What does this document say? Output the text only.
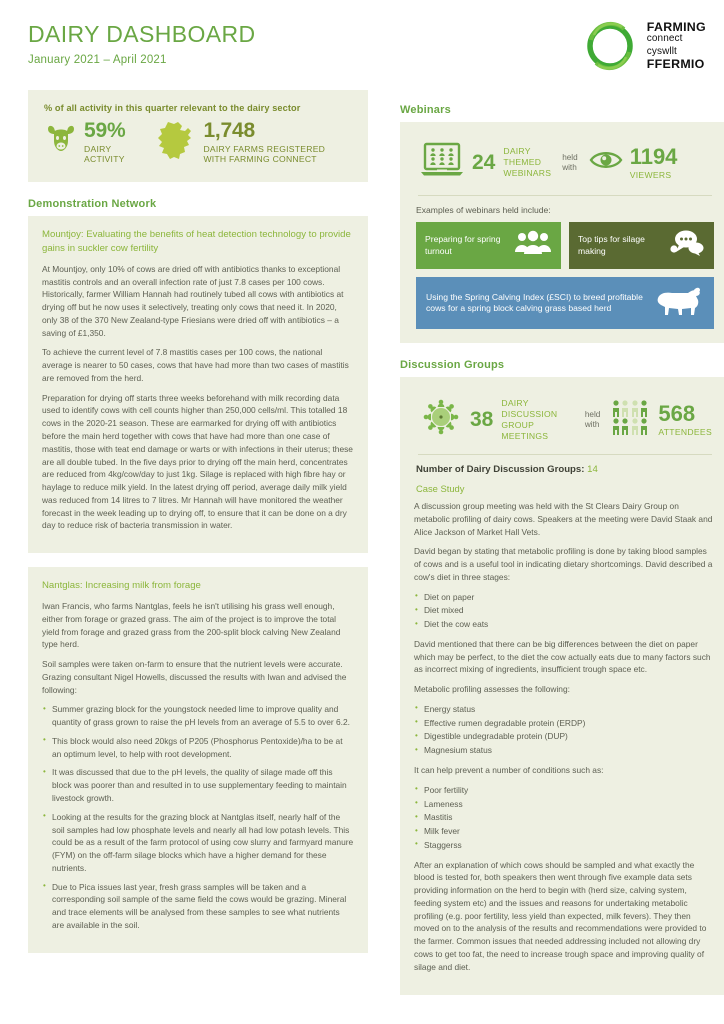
DAIRY DASHBOARD
January 2021 – April 2021
FARMING
connect
cyswllt
FFERMIO
% of all activity in this quarter relevant to the dairy sector
59%
DAIRY
ACTIVITY
1,748
DAIRY FARMS REGISTERED
WITH FARMING CONNECT
Demonstration Network
Mountjoy: Evaluating the benefits of heat detection technology to provide gains in suckler cow fertility

At Mountjoy, only 10% of cows are dried off with antibiotics thanks to exceptional mastitis controls and an overall infection rate of just 7.8 cases per 100 cows. Historically, farmer William Hannah had routinely tubed all cows with antibiotics at drying off but he now uses it selectively, treating only cows that need it. In 2020, only 38 of the 370 New Zealand-type Friesians were dried off with antibiotics – a saving of £1,350.

To achieve the current level of 7.8 mastitis cases per 100 cows, the national average is nearer to 50 cases, cows that have had more than two cases of mastitis are removed from the herd.

Preparation for drying off starts three weeks beforehand with milk recording data used to identify cows with cell counts higher than 250,000 cells/ml. This totalled 18 cows in the 2020-21 season. These are earmarked for drying off with antibiotics before the main herd together with cows that have had more than one case of mastitis, those with teat end damage or warts or with infections in their uterus; these are all double tubed. In the five days prior to drying off the main herd, concentrates are reduced from 4kg/cow/day to just 1kg. Silage is replaced with high fibre hay or haylage to reduce milk yield. In the latest drying off period, average daily milk yield was reduced from 14 litres to 7 litres. Mr Hannah will have monitored the weather forecast in the week leading up to drying off, to ensure that it can be done on a dry day to reduce risk of bacteria transmission in water.

Nantglas: Increasing milk from forage

Iwan Francis, who farms Nantglas, feels he isn't utilising his grass well enough, either from forage or grazed grass. The aim of the project is to improve the total yield from forage and grazed grass from the 200-split block calving New Zealand type herd.

Soil samples were taken on-farm to ensure that the nutrient levels were accurate. Grazing consultant Nigel Howells, discussed the results with Iwan and advised the following:

• Summer grazing block for the youngstock needed lime to improve quality and quantity of grass grown to raise the pH levels from an average of 5.5 to over 6.2.
• This block would also need 20kgs of P205 (Phosphorus Pentoxide)/ha to be at an optimum level, to help with root development.
• It was discussed that due to the pH levels, the quality of silage made off this block was poorer than and resulted in to use supplementary feeding to maintain livestock growth.
• Looking at the results for the grazing block at Nantglas itself, nearly half of the soil samples had low phosphate levels and nearly all had low potash levels. This could be as a result of the farm protocol of using cow slurry and farmyard manure (FYM) on the off-farm silage blocks which have a higher demand for these nutrients.
• Due to Pica issues last year, fresh grass samples will be taken and a corresponding soil sample of the same field the cows would be grazing. Mineral and trace elements will be analysed from these samples to see what nutrients are available in the soil.
Webinars
24 DAIRY
THEMED
WEBINARS
held
with 1194
VIEWERS
Examples of webinars held include:
Preparing for spring turnout
Top tips for silage making
Using the Spring Calving Index (£SCI) to breed profitable cows for a spring block calving grass based herd
Discussion Groups
38
DAIRY
DISCUSSION
GROUP MEETINGS
held
with	568
ATTENDEES
Number of Dairy Discussion Groups: 14
Case Study

A discussion group meeting was held with the St Clears Dairy Group on metabolic profiling of dairy cows. Speakers at the meeting were David Staak and Alice Jackson of Market Hall Vets.

David began by stating that metabolic profiling is done by taking blood samples of cows and is a useful tool in indicating dietary shortcomings. David described a cow's diet in three stages:

• Diet on paper
• Diet mixed
• Diet the cow eats

David mentioned that there can be big differences between the diet on paper which may be perfect, to the diet the cow actually eats due to many factors such as incorrect mixing of ingredients, insufficient trough space etc.

Metabolic profiling assesses the following:

• Energy status
• Effective rumen degradable protein (ERDP)
• Digestible undegradable protein (DUP)
• Magnesium status

It can help prevent a number of conditions such as:

• Poor fertility
• Lameness
• Mastitis
• Milk fever
• Staggerss

After an explanation of which cows should be sampled and what exactly the blood is tested for, both speakers then went through five example data sets providing information on the herd to begin with (herd size, calving system, feeding system etc) and the issues and reasons for undertaking metabolic profiling (e.g. poor fertility, less yield than expected, milk fevers). They then moved on to the analysis of the results and recommendations were provided to the farmer. Common issues that needed addressing included not allowing dry cows to get too fat, the need to increase trough space and improving quality of silage and diet.
